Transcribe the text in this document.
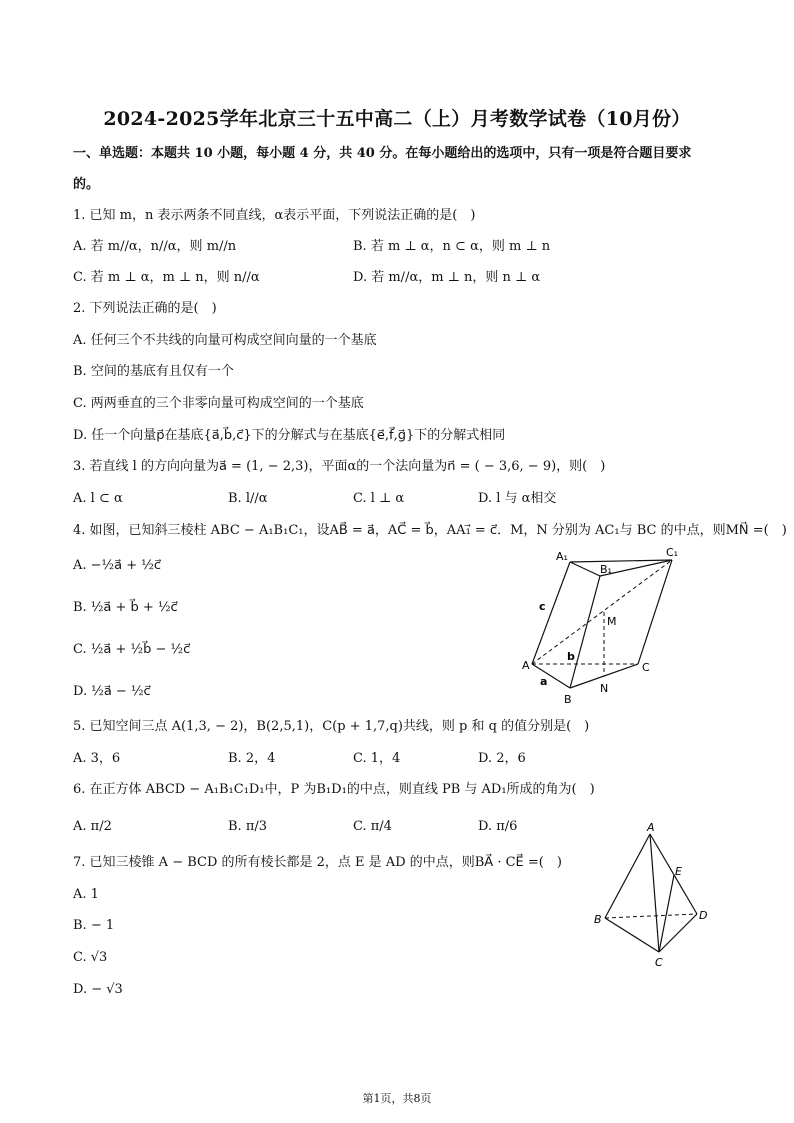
2024-2025学年北京三十五中高二（上）月考数学试卷（10月份）
一、单选题：本题共 10 小题，每小题 4 分，共 40 分。在每小题给出的选项中，只有一项是符合题目要求
的。
1. 已知 m，n 表示两条不同直线，α表示平面，下列说法正确的是(　)
A. 若 m//α，n//α，则 m//n	B. 若 m ⊥ α，n ⊂ α，则 m ⊥ n
C. 若 m ⊥ α，m ⊥ n，则 n//α	D. 若 m//α，m ⊥ n，则 n ⊥ α
2. 下列说法正确的是(　)
A. 任何三个不共线的向量可构成空间向量的一个基底
B. 空间的基底有且仅有一个
C. 两两垂直的三个非零向量可构成空间的一个基底
D. 任一个向量p⃗在基底{a⃗,b⃗,c⃗}下的分解式与在基底{e⃗,f⃗,g⃗}下的分解式相同
3. 若直线 l 的方向向量为a⃗ = (1, − 2,3)，平面α的一个法向量为n⃗ = ( − 3,6, − 9)，则(　)
A. l ⊂ α	B. l//α	C. l ⊥ α	D. l 与 α相交
4. 如图，已知斜三棱柱 ABC − A₁B₁C₁，设AB⃗ = a⃗，AC⃗ = b⃗，AA₁⃗ = c⃗．M，N 分别为 AC₁与 BC 的中点，则MN⃗ =(　)
A. −½a⃗ + ½c⃗
B. ½a⃗ + b⃗ + ½c⃗
C. ½a⃗ + ½b⃗ − ½c⃗
D. ½a⃗ − ½c⃗
A₁
B₁
C₁
M
A
b
C
a
N
B
c
5. 已知空间三点 A(1,3, − 2)，B(2,5,1)，C(p + 1,7,q)共线，则 p 和 q 的值分别是(　)
A. 3，6	B. 2，4	C. 1，4	D. 2，6
6. 在正方体 ABCD − A₁B₁C₁D₁中，P 为B₁D₁的中点，则直线 PB 与 AD₁所成的角为(　)
A. π/2	B. π/3	C. π/4	D. π/6
7. 已知三棱锥 A − BCD 的所有棱长都是 2，点 E 是 AD 的中点，则BA⃗ · CE⃗ =(　)
A. 1
B. − 1
C. √3
D. − √3
A
E
B	D
C
第1页，共8页
